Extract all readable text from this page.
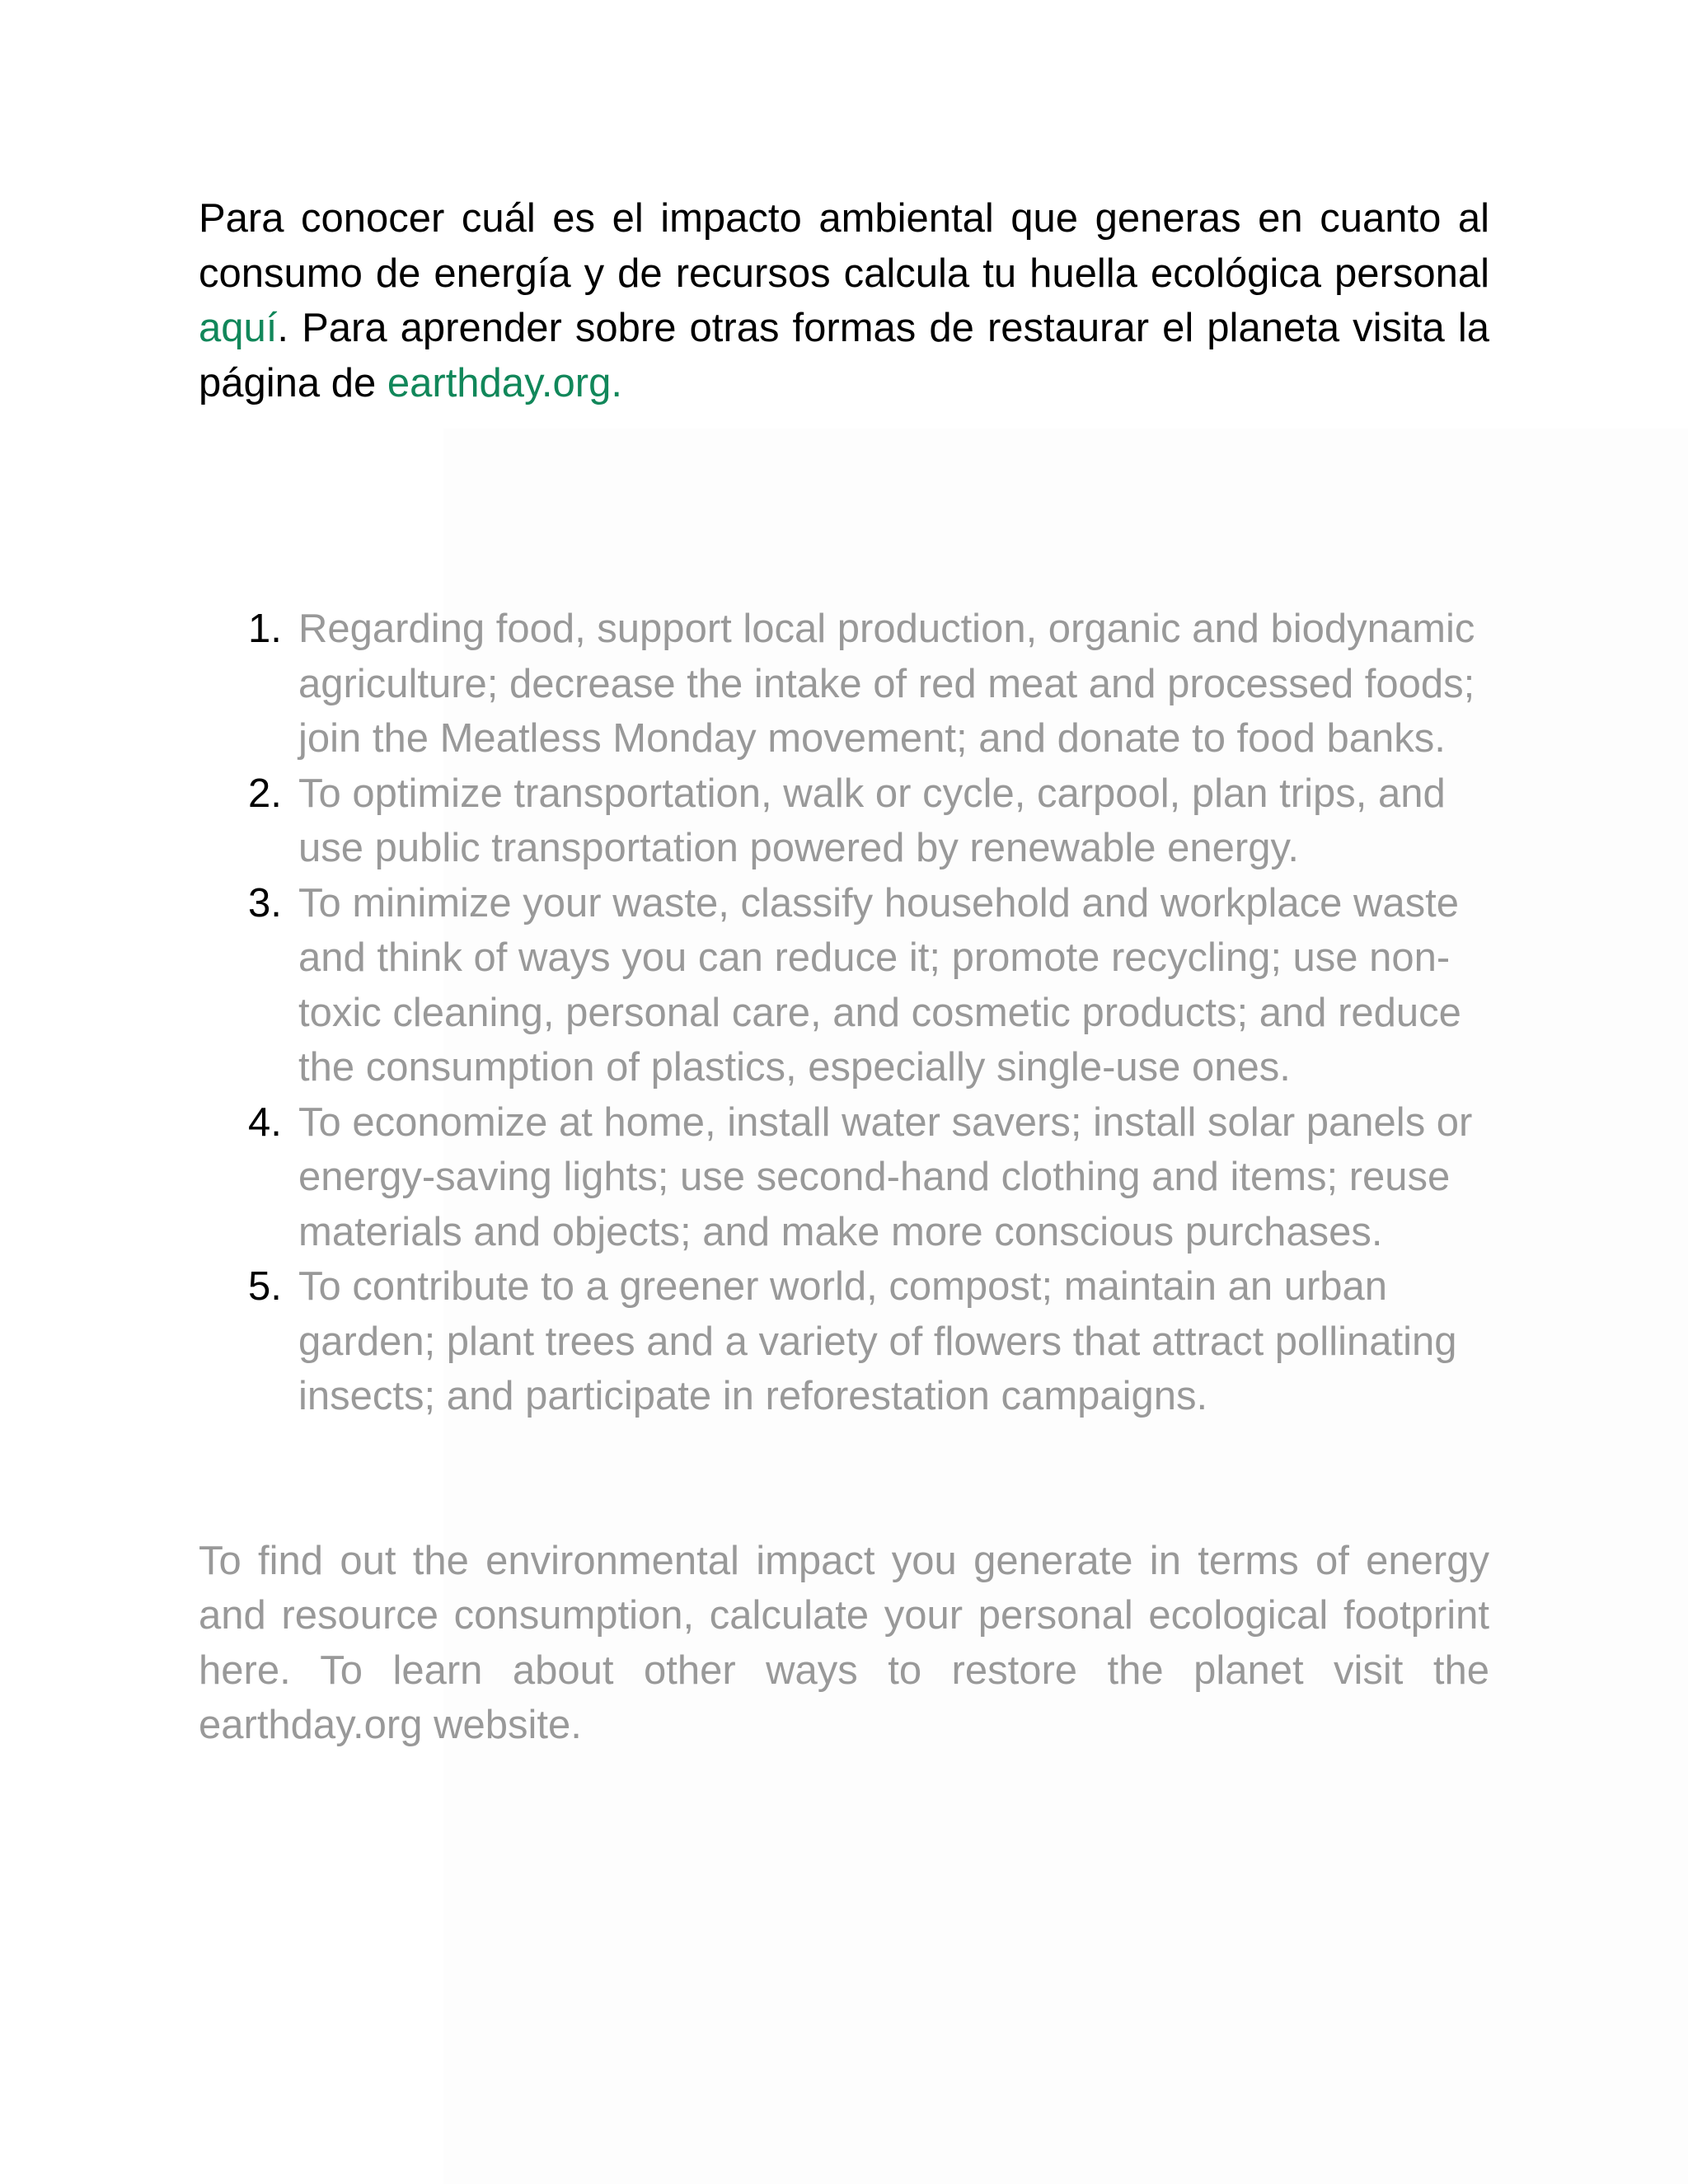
Para conocer cuál es el impacto ambiental que generas en cuanto al consumo de energía y de recursos calcula tu huella ecológica personal aquí. Para aprender sobre otras formas de restaurar el planeta visita la página de earthday.org.

1. Regarding food, support local production, organic and biodynamic agriculture; decrease the intake of red meat and processed foods; join the Meatless Monday movement; and donate to food banks.
2. To optimize transportation, walk or cycle, carpool, plan trips, and use public transportation powered by renewable energy.
3. To minimize your waste, classify household and workplace waste and think of ways you can reduce it; promote recycling; use non-toxic cleaning, personal care, and cosmetic products; and reduce the consumption of plastics, especially single-use ones.
4. To economize at home, install water savers; install solar panels or energy-saving lights; use second-hand clothing and items; reuse materials and objects; and make more conscious purchases.
5. To contribute to a greener world, compost; maintain an urban garden; plant trees and a variety of flowers that attract pollinating insects; and participate in reforestation campaigns.

To find out the environmental impact you generate in terms of energy and resource consumption, calculate your personal ecological footprint here. To learn about other ways to restore the planet visit the earthday.org website.
